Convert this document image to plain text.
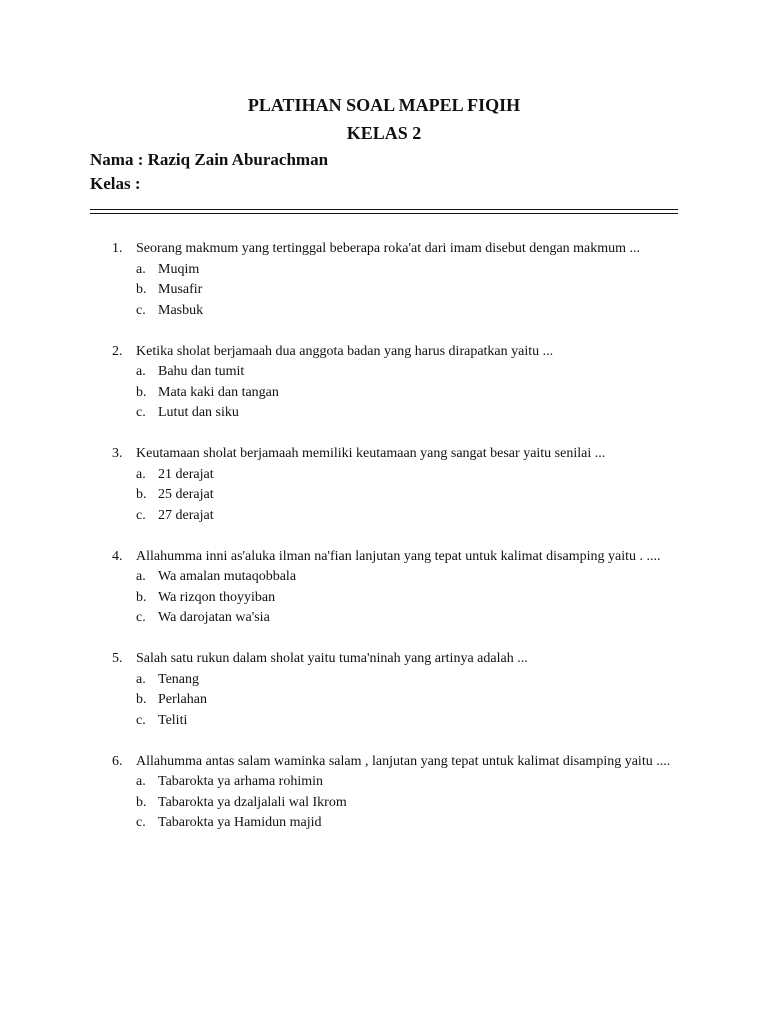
PLATIHAN SOAL MAPEL FIQIH
KELAS 2
Nama : Raziq Zain Aburachman
Kelas :
1. Seorang makmum yang tertinggal beberapa roka'at dari imam disebut dengan makmum ...
a. Muqim
b. Musafir
c. Masbuk
2. Ketika sholat berjamaah dua anggota badan yang harus dirapatkan yaitu ...
a. Bahu dan tumit
b. Mata kaki dan tangan
c. Lutut dan siku
3. Keutamaan sholat berjamaah memiliki keutamaan yang sangat besar yaitu senilai ...
a. 21 derajat
b. 25 derajat
c. 27 derajat
4. Allahumma inni as'aluka ilman na'fian lanjutan yang tepat untuk kalimat disamping yaitu . ....
a. Wa amalan mutaqobbala
b. Wa rizqon thoyyiban
c. Wa darojatan wa'sia
5. Salah satu rukun dalam sholat yaitu tuma'ninah yang artinya adalah ...
a. Tenang
b. Perlahan
c. Teliti
6. Allahumma antas salam waminka salam , lanjutan yang tepat untuk kalimat disamping yaitu ....
a. Tabarokta ya arhama rohimin
b. Tabarokta ya dzaljalali wal Ikrom
c. Tabarokta ya Hamidun majid
